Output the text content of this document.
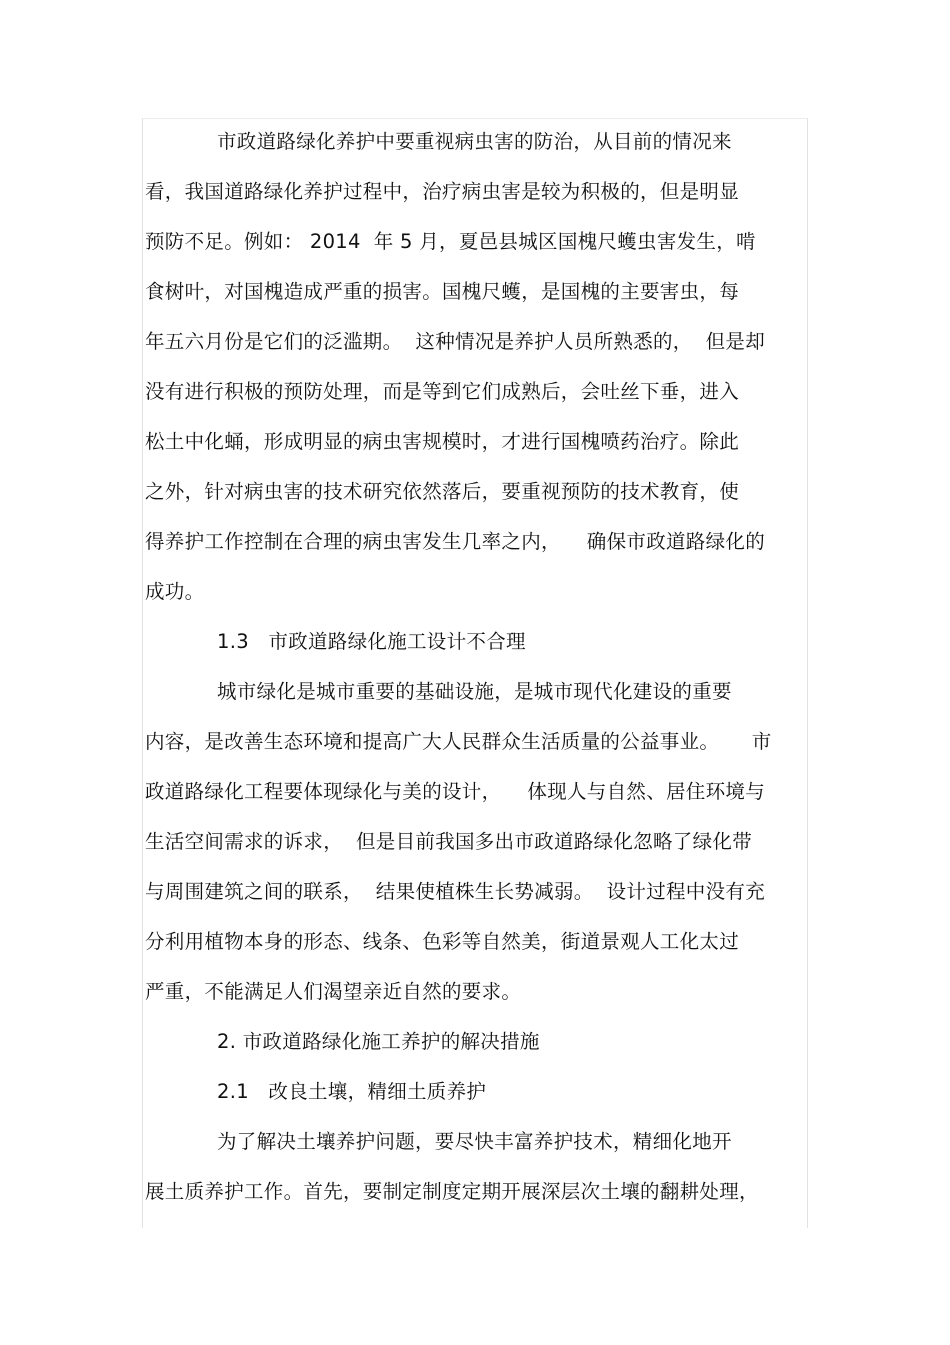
市政道路绿化养护中要重视病虫害的防治，从目前的情况来
看，我国道路绿化养护过程中，治疗病虫害是较为积极的，但是明显
预防不足。例如： 2014  年 5 月，夏邑县城区国槐尺蠖虫害发生，啃
食树叶，对国槐造成严重的损害。国槐尺蠖，是国槐的主要害虫，每
年五六月份是它们的泛滥期。  这种情况是养护人员所熟悉的，  但是却
没有进行积极的预防处理，而是等到它们成熟后，会吐丝下垂，进入
松土中化蛹，形成明显的病虫害规模时，才进行国槐喷药治疗。除此
之外，针对病虫害的技术研究依然落后，要重视预防的技术教育，使
得养护工作控制在合理的病虫害发生几率之内，    确保市政道路绿化的
成功。
1.3   市政道路绿化施工设计不合理
城市绿化是城市重要的基础设施，是城市现代化建设的重要
内容，是改善生态环境和提高广大人民群众生活质量的公益事业。     市
政道路绿化工程要体现绿化与美的设计，    体现人与自然、居住环境与
生活空间需求的诉求，  但是目前我国多出市政道路绿化忽略了绿化带
与周围建筑之间的联系，  结果使植株生长势减弱。  设计过程中没有充
分利用植物本身的形态、线条、色彩等自然美，街道景观人工化太过
严重，不能满足人们渴望亲近自然的要求。
2. 市政道路绿化施工养护的解决措施
2.1   改良土壤，精细土质养护
为了解决土壤养护问题，要尽快丰富养护技术，精细化地开
展土质养护工作。首先，要制定制度定期开展深层次土壤的翻耕处理，
